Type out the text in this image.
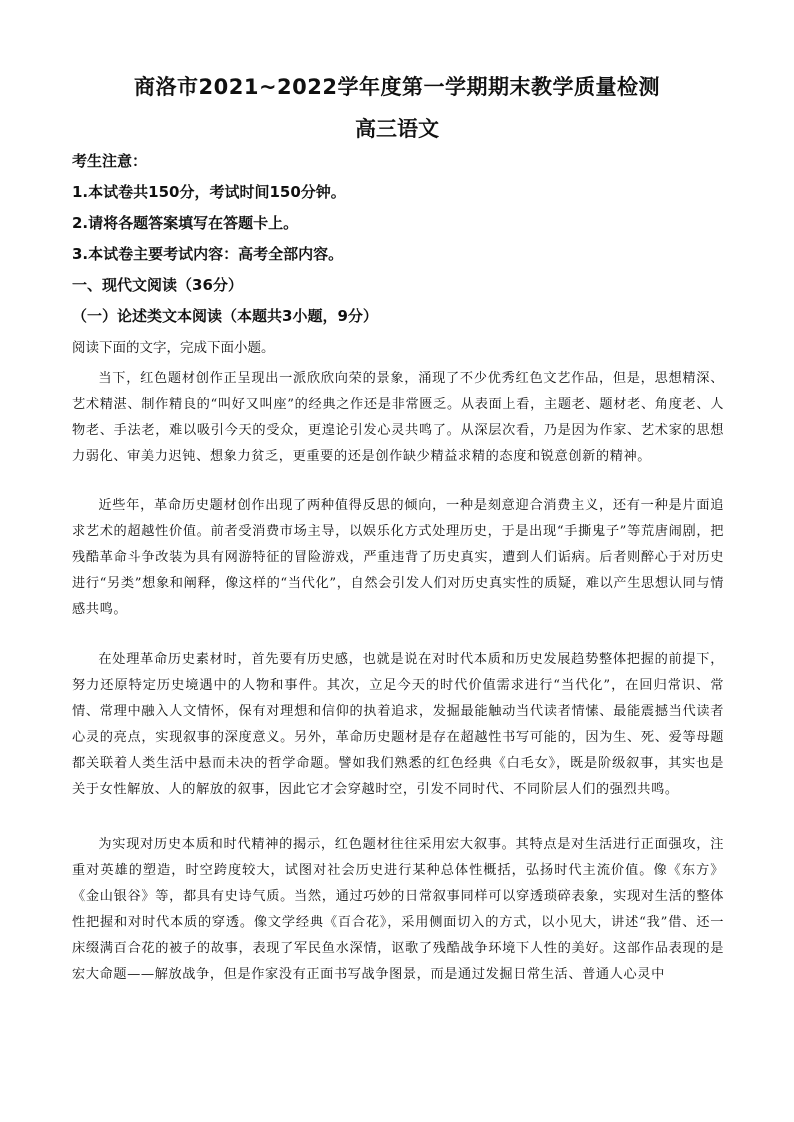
商洛市2021~2022学年度第一学期期末教学质量检测
高三语文
考生注意：
1.本试卷共150分，考试时间150分钟。
2.请将各题答案填写在答题卡上。
3.本试卷主要考试内容：高考全部内容。
一、现代文阅读（36分）
（一）论述类文本阅读（本题共3小题，9分）
阅读下面的文字，完成下面小题。
当下，红色题材创作正呈现出一派欣欣向荣的景象，涌现了不少优秀红色文艺作品，但是，思想精深、艺术精湛、制作精良的“叫好又叫座”的经典之作还是非常匮乏。从表面上看，主题老、题材老、角度老、人物老、手法老，难以吸引今天的受众，更遑论引发心灵共鸣了。从深层次看，乃是因为作家、艺术家的思想力弱化、审美力迟钝、想象力贫乏，更重要的还是创作缺少精益求精的态度和锐意创新的精神。
近些年，革命历史题材创作出现了两种值得反思的倾向，一种是刻意迎合消费主义，还有一种是片面追求艺术的超越性价值。前者受消费市场主导，以娱乐化方式处理历史，于是出现“手撕鬼子”等荒唐闹剧，把残酷革命斗争改装为具有网游特征的冒险游戏，严重违背了历史真实，遭到人们诟病。后者则醉心于对历史进行“另类”想象和阐释，像这样的“当代化”，自然会引发人们对历史真实性的质疑，难以产生思想认同与情感共鸣。
在处理革命历史素材时，首先要有历史感，也就是说在对时代本质和历史发展趋势整体把握的前提下，努力还原特定历史境遇中的人物和事件。其次，立足今天的时代价值需求进行“当代化”，在回归常识、常情、常理中融入人文情怀，保有对理想和信仰的执着追求，发掘最能触动当代读者情愫、最能震撼当代读者心灵的亮点，实现叙事的深度意义。另外，革命历史题材是存在超越性书写可能的，因为生、死、爱等母题都关联着人类生活中悬而未决的哲学命题。譬如我们熟悉的红色经典《白毛女》，既是阶级叙事，其实也是关于女性解放、人的解放的叙事，因此它才会穿越时空，引发不同时代、不同阶层人们的强烈共鸣。
为实现对历史本质和时代精神的揭示，红色题材往往采用宏大叙事。其特点是对生活进行正面强攻，注重对英雄的塑造，时空跨度较大，试图对社会历史进行某种总体性概括，弘扬时代主流价值。像《东方》《金山银谷》等，都具有史诗气质。当然，通过巧妙的日常叙事同样可以穿透琐碎表象，实现对生活的整体性把握和对时代本质的穿透。像文学经典《百合花》，采用侧面切入的方式，以小见大，讲述“我”借、还一床缀满百合花的被子的故事，表现了军民鱼水深情，讴歌了残酷战争环境下人性的美好。这部作品表现的是宏大命题——解放战争，但是作家没有正面书写战争图景，而是通过发掘日常生活、普通人心灵中
